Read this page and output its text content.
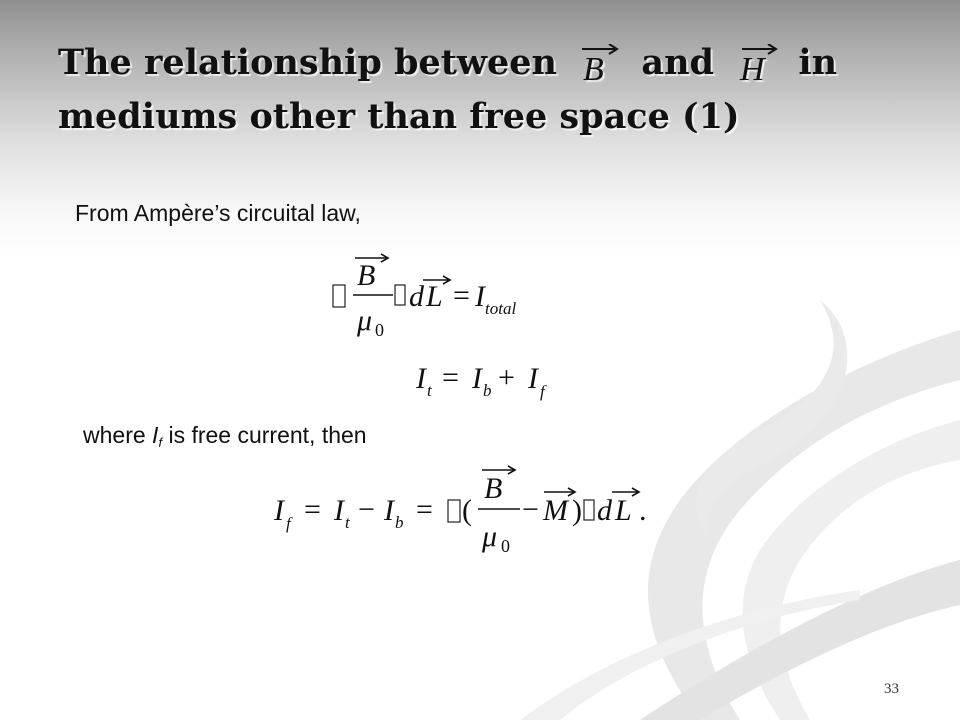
The relationship between B and H in
mediums other than free space (1)
From Ampère’s circuital law,
B
μ 0
d L = I total
I t = I b + I f
where $I_f$ is free current, then
I f = I t − I b = (
B
μ 0
− M ) d L .
33
